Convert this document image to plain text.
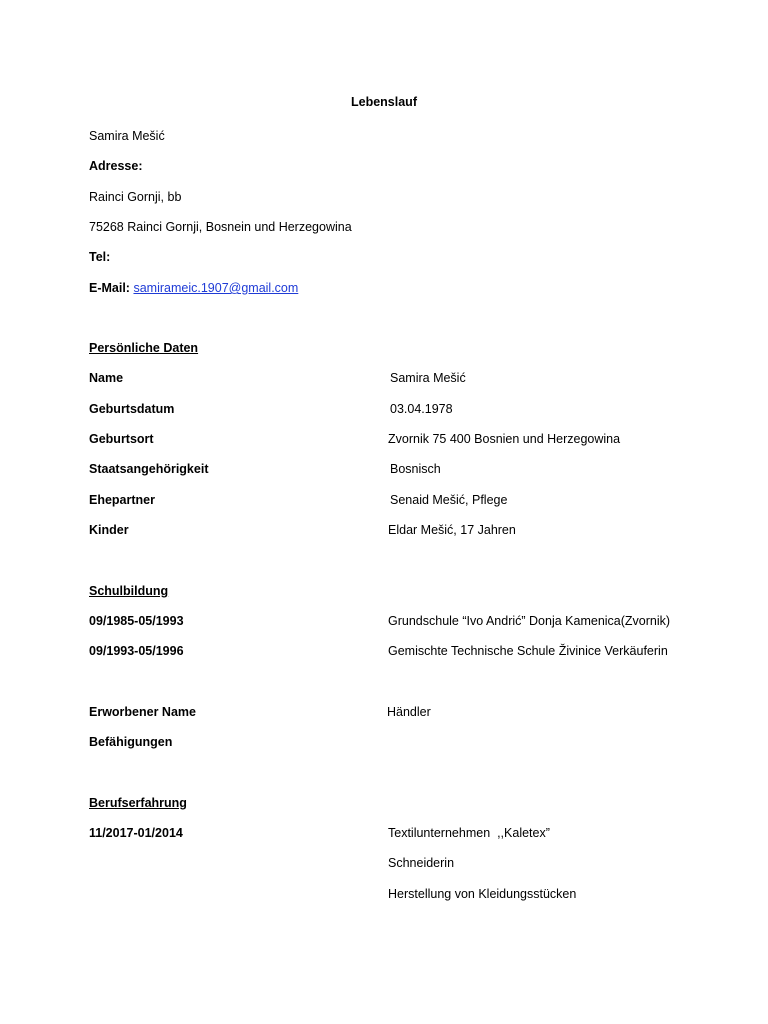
Lebenslauf
Samira Mešić
Adresse:
Rainci Gornji, bb
75268 Rainci Gornji, Bosnein und Herzegowina
Tel:
E-Mail: samirameic.1907@gmail.com
Persönliche Daten
Name	Samira Mešić
Geburtsdatum	03.04.1978
Geburtsort	Zvornik 75 400 Bosnien und Herzegowina
Staatsangehörigkeit	Bosnisch
Ehepartner	Senaid Mešić, Pflege
Kinder	Eldar Mešić, 17 Jahren
Schulbildung
09/1985-05/1993	Grundschule “Ivo Andrić” Donja Kamenica(Zvornik)
09/1993-05/1996	Gemischte Technische Schule Živinice Verkäuferin
Erworbener Name	Händler
Befähigungen
Berufserfahrung
11/2017-01/2014	Textilunternehmen  ,,Kaletex”
Schneiderin
Herstellung von Kleidungsstücken
